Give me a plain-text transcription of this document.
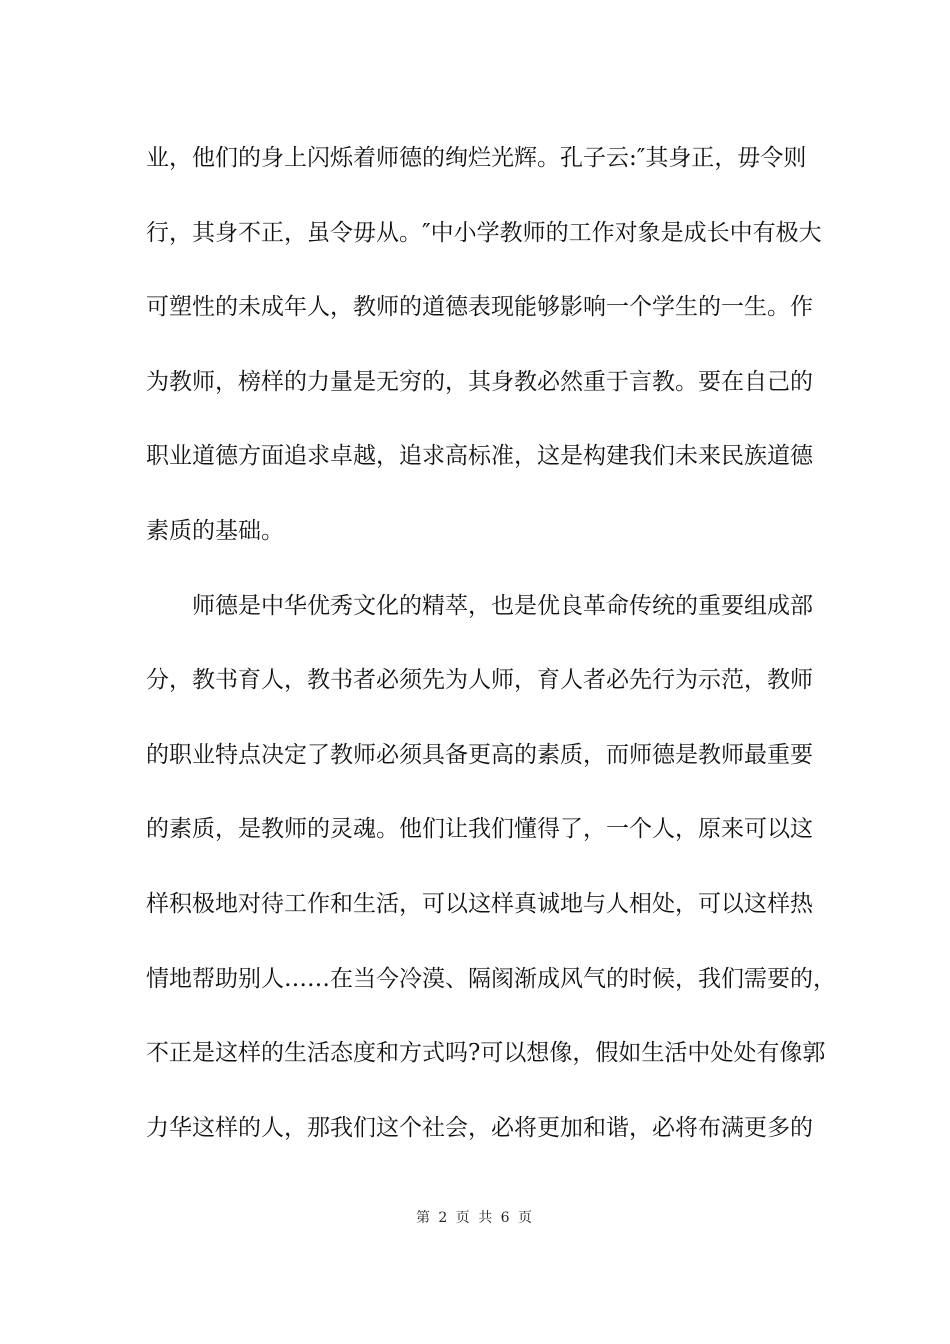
业，他们的身上闪烁着师德的绚烂光辉。孔子云:″其身正，毋令则
行，其身不正，虽令毋从。″中小学教师的工作对象是成长中有极大
可塑性的未成年人，教师的道德表现能够影响一个学生的一生。作
为教师，榜样的力量是无穷的，其身教必然重于言教。要在自己的
职业道德方面追求卓越，追求高标准，这是构建我们未来民族道德
素质的基础。
　　师德是中华优秀文化的精萃，也是优良革命传统的重要组成部
分，教书育人，教书者必须先为人师，育人者必先行为示范，教师
的职业特点决定了教师必须具备更高的素质，而师德是教师最重要
的素质，是教师的灵魂。他们让我们懂得了，一个人，原来可以这
样积极地对待工作和生活，可以这样真诚地与人相处，可以这样热
情地帮助别人……在当今冷漠、隔阂渐成风气的时候，我们需要的，
不正是这样的生活态度和方式吗?可以想像，假如生活中处处有像郭
力华这样的人，那我们这个社会，必将更加和谐，必将布满更多的
第 2 页 共 6 页
